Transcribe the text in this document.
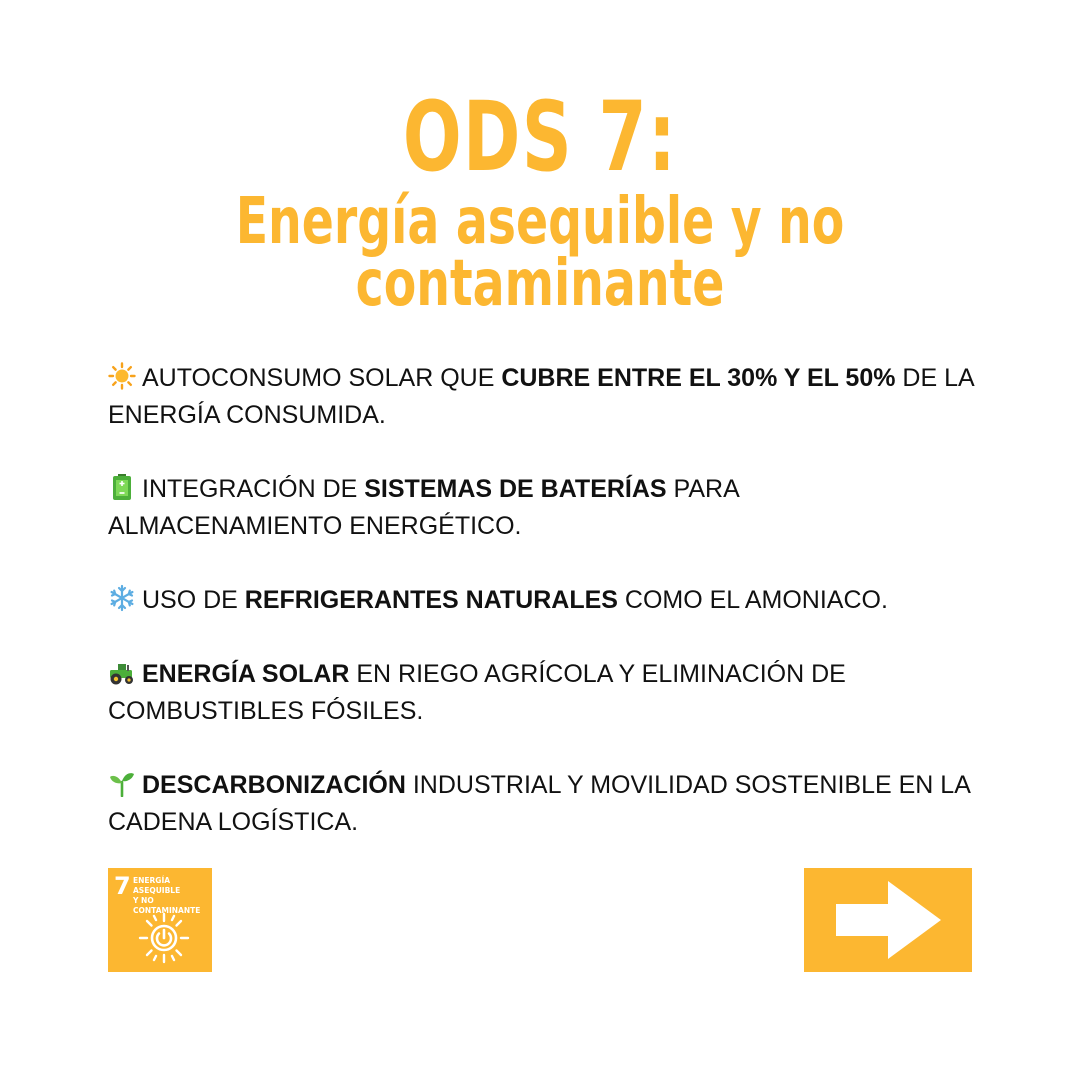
ODS 7:
Energía asequible y no
contaminante

AUTOCONSUMO SOLAR QUE CUBRE ENTRE EL 30% Y EL 50% DE LA ENERGÍA CONSUMIDA.

INTEGRACIÓN DE SISTEMAS DE BATERÍAS PARA ALMACENAMIENTO ENERGÉTICO.

USO DE REFRIGERANTES NATURALES COMO EL AMONIACO.

ENERGÍA SOLAR EN RIEGO AGRÍCOLA Y ELIMINACIÓN DE COMBUSTIBLES FÓSILES.

DESCARBONIZACIÓN INDUSTRIAL Y MOVILIDAD SOSTENIBLE EN LA CADENA LOGÍSTICA.

7 ENERGÍA ASEQUIBLE
Y NO CONTAMINANTE
